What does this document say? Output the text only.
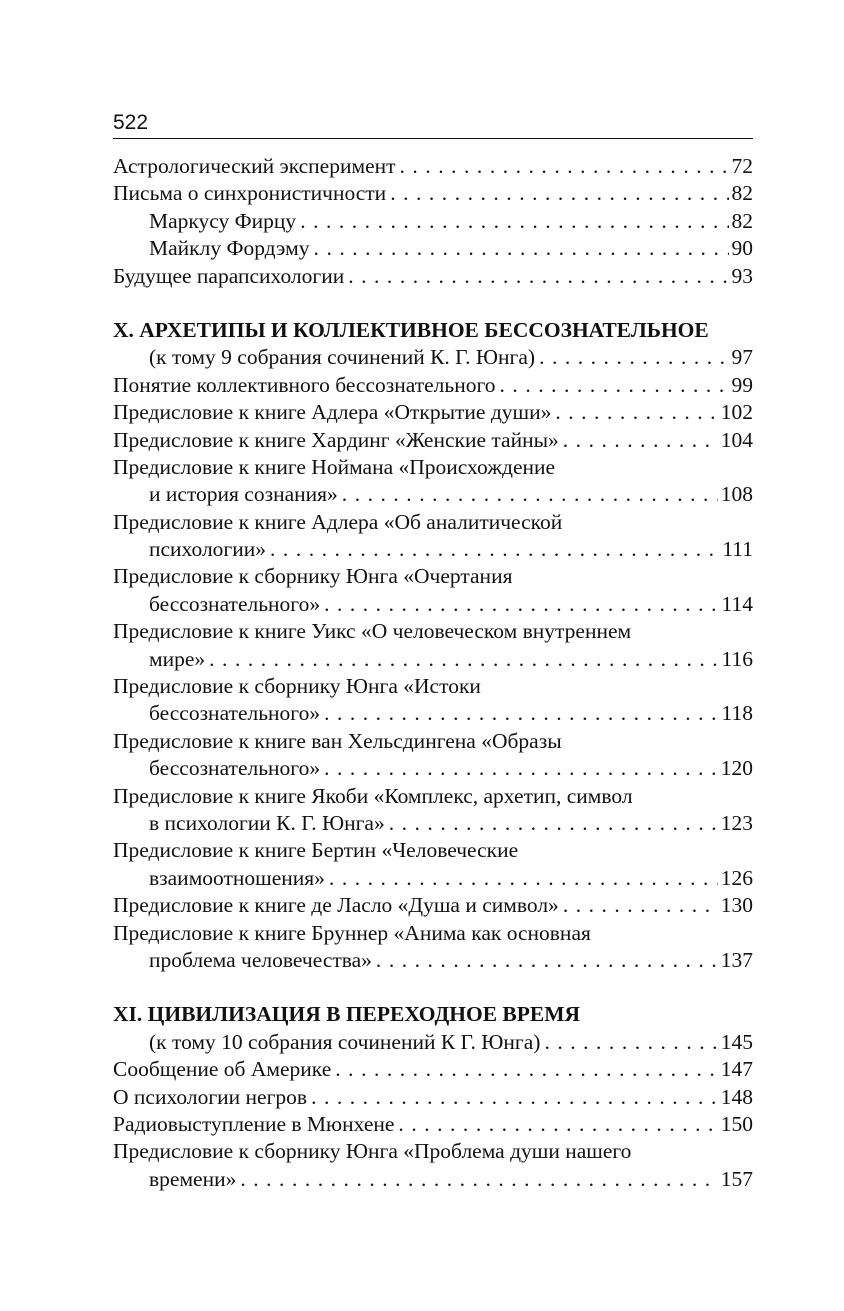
522
Астрологический эксперимент . . .	72
Письма о синхронистичности . . .	82
Маркусу Фирцу . . .	82
Майклу Фордэму . . .	90
Будущее парапсихологии . . .	93
X. АРХЕТИПЫ И КОЛЛЕКТИВНОЕ БЕССОЗНАТЕЛЬНОЕ
(к тому 9 собрания сочинений К. Г. Юнга) . . .	97
Понятие коллективного бессознательного . . .	99
Предисловие к книге Адлера «Открытие души» . . .	102
Предисловие к книге Хардинг «Женские тайны» . . .	104
Предисловие к книге Ноймана «Происхождение
и история сознания» . . .	108
Предисловие к книге Адлера «Об аналитической
психологии» . . .	111
Предисловие к сборнику Юнга «Очертания
бессознательного» . . .	114
Предисловие к книге Уикс «О человеческом внутреннем
мире» . . .	116
Предисловие к сборнику Юнга «Истоки
бессознательного» . . .	118
Предисловие к книге ван Хельсдингена «Образы
бессознательного» . . .	120
Предисловие к книге Якоби «Комплекс, архетип, символ
в психологии К. Г. Юнга» . . .	123
Предисловие к книге Бертин «Человеческие
взаимоотношения» . . .	126
Предисловие к книге де Ласло «Душа и символ» . . .	130
Предисловие к книге Бруннер «Анима как основная
проблема человечества» . . .	137
XI. ЦИВИЛИЗАЦИЯ В ПЕРЕХОДНОЕ ВРЕМЯ
(к тому 10 собрания сочинений К Г. Юнга) . . .	145
Сообщение об Америке . . .	147
О психологии негров . . .	148
Радиовыступление в Мюнхене . . .	150
Предисловие к сборнику Юнга «Проблема души нашего
времени» . . .	157
